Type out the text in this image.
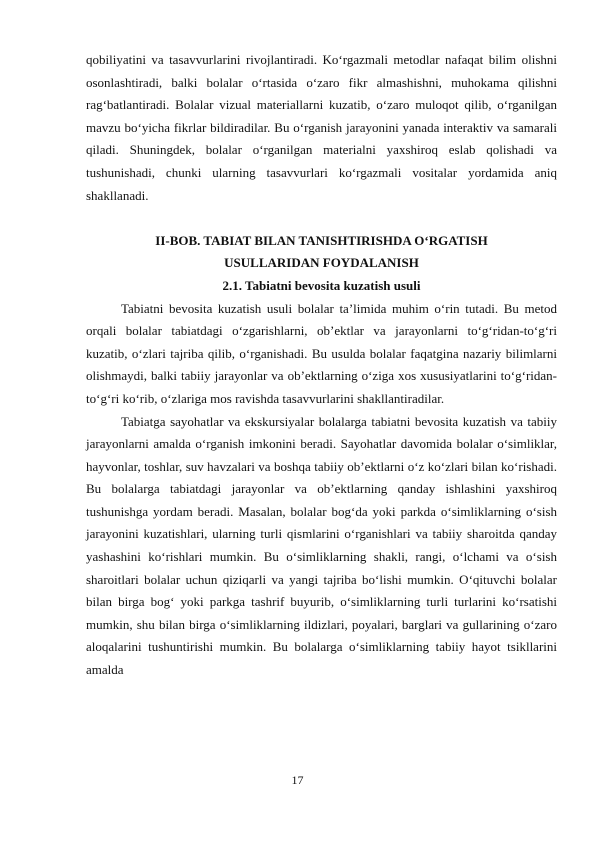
qobiliyatini va tasavvurlarini rivojlantiradi. Ko‘rgazmali metodlar nafaqat bilim olishni osonlashtiradi, balki bolalar o‘rtasida o‘zaro fikr almashishni, muhokama qilishni rag‘batlantiradi. Bolalar vizual materiallarni kuzatib, o‘zaro muloqot qilib, o‘rganilgan mavzu bo‘yicha fikrlar bildiradilar. Bu o‘rganish jarayonini yanada interaktiv va samarali qiladi. Shuningdek, bolalar o‘rganilgan materialni yaxshiroq eslab qolishadi va tushunishadi, chunki ularning tasavvurlari ko‘rgazmali vositalar yordamida aniq shakllanadi.

II-BOB. TABIAT BILAN TANISHTIRISHDA O‘RGATISH
USULLARIDAN FOYDALANISH
2.1. Tabiatni bevosita kuzatish usuli

Tabiatni bevosita kuzatish usuli bolalar ta’limida muhim o‘rin tutadi. Bu metod orqali bolalar tabiatdagi o‘zgarishlarni, ob’ektlar va jarayonlarni to‘g‘ridan-to‘g‘ri kuzatib, o‘zlari tajriba qilib, o‘rganishadi. Bu usulda bolalar faqatgina nazariy bilimlarni olishmaydi, balki tabiiy jarayonlar va ob’ektlarning o‘ziga xos xususiyatlarini to‘g‘ridan-to‘g‘ri ko‘rib, o‘zlariga mos ravishda tasavvurlarini shakllantiradilar.

Tabiatga sayohatlar va ekskursiyalar bolalarga tabiatni bevosita kuzatish va tabiiy jarayonlarni amalda o‘rganish imkonini beradi. Sayohatlar davomida bolalar o‘simliklar, hayvonlar, toshlar, suv havzalari va boshqa tabiiy ob’ektlarni o‘z ko‘zlari bilan ko‘rishadi. Bu bolalarga tabiatdagi jarayonlar va ob’ektlarning qanday ishlashini yaxshiroq tushunishga yordam beradi. Masalan, bolalar bog‘da yoki parkda o‘simliklarning o‘sish jarayonini kuzatishlari, ularning turli qismlarini o‘rganishlari va tabiiy sharoitda qanday yashashini ko‘rishlari mumkin. Bu o‘simliklarning shakli, rangi, o‘lchami va o‘sish sharoitlari bolalar uchun qiziqarli va yangi tajriba bo‘lishi mumkin. O‘qituvchi bolalar bilan birga bog‘ yoki parkga tashrif buyurib, o‘simliklarning turli turlarini ko‘rsatishi mumkin, shu bilan birga o‘simliklarning ildizlari, poyalari, barglari va gullarining o‘zaro aloqalarini tushuntirishi mumkin. Bu bolalarga o‘simliklarning tabiiy hayot tsikllarini amalda

17
